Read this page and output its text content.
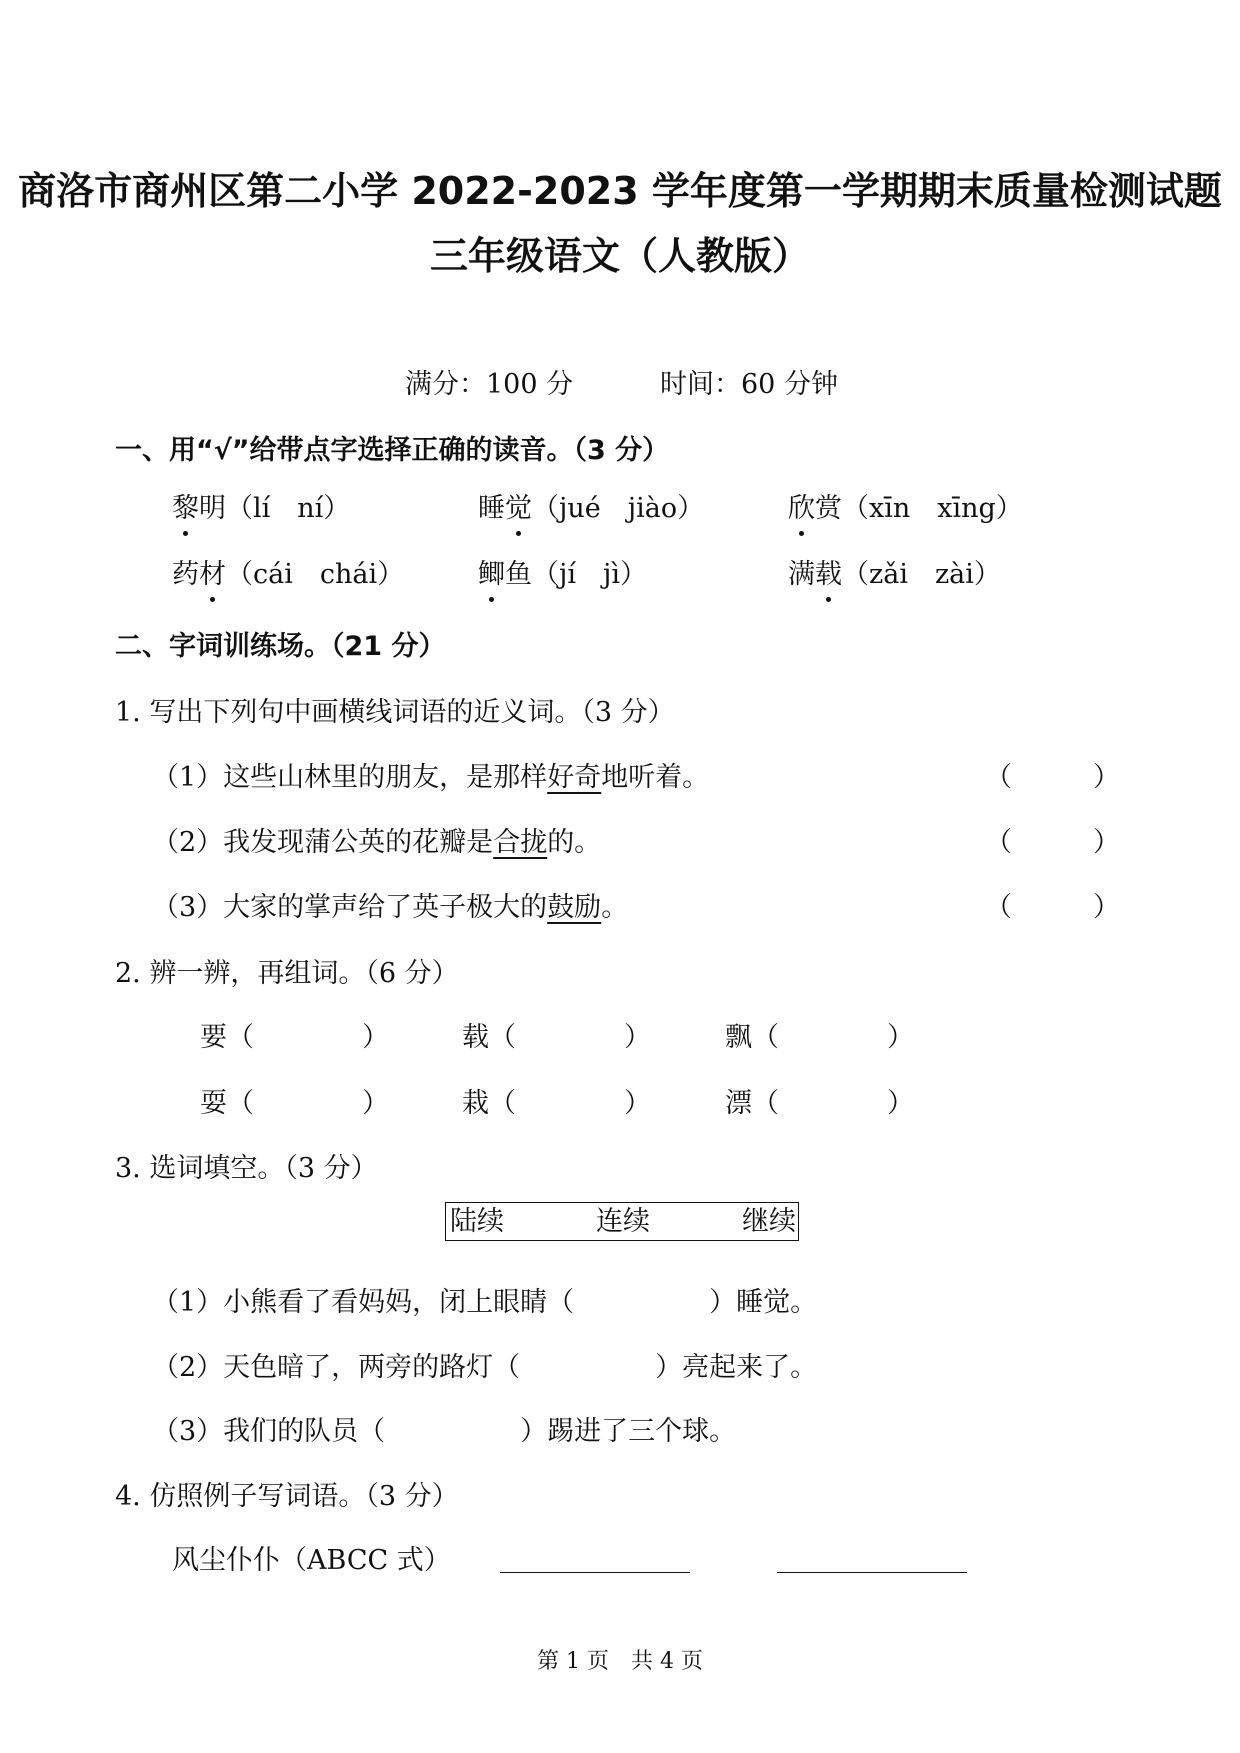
商洛市商州区第二小学 2022-2023 学年度第一学期期末质量检测试题
三年级语文（人教版）
满分：100 分	时间：60 分钟
一、用“√”给带点字选择正确的读音。（3 分）
黎明（lí　ní）	睡觉（jué　jiào）	欣赏（xīn　xīng）
药材（cái　chái）	鲫鱼（jí　jì）	满载（zǎi　zài）
二、字词训练场。（21 分）
1. 写出下列句中画横线词语的近义词。（3 分）
（1）这些山林里的朋友，是那样好奇地听着。	（　　　）
（2）我发现蒲公英的花瓣是合拢的。	（　　　）
（3）大家的掌声给了英子极大的鼓励。	（　　　）
2. 辨一辨，再组词。（6 分）
要（　　　　）	载（　　　　）	飘（　　　　）
耍（　　　　）	栽（　　　　）	漂（　　　　）
3. 选词填空。（3 分）
陆续	连续	继续
（1）小熊看了看妈妈，闭上眼睛（　　　　　）睡觉。
（2）天色暗了，两旁的路灯（　　　　　）亮起来了。
（3）我们的队员（　　　　　）踢进了三个球。
4. 仿照例子写词语。（3 分）
风尘仆仆（ABCC 式）
第 1 页　共 4 页
